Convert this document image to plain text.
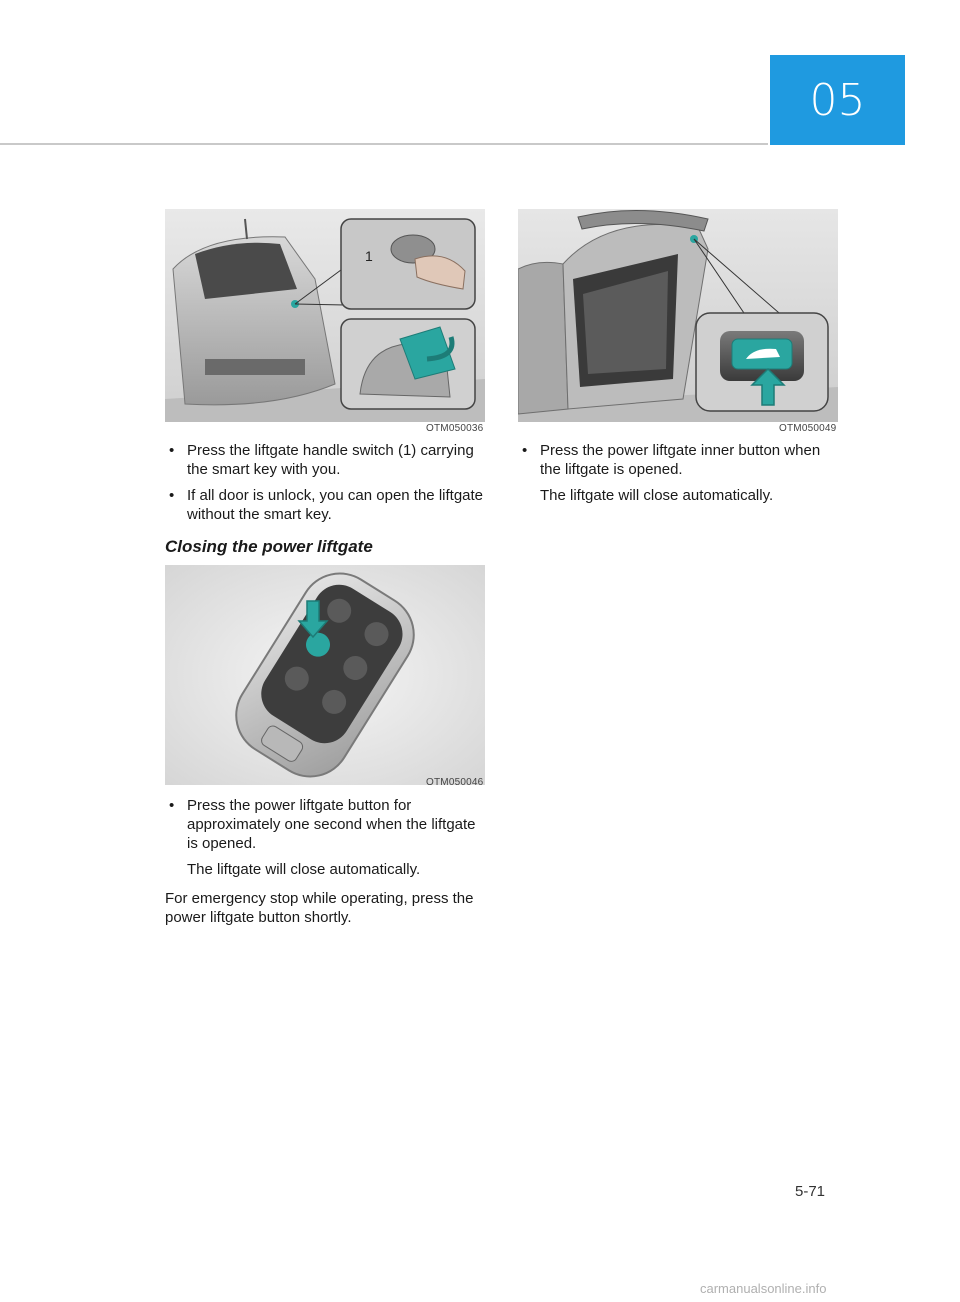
05
1
OTM050036
• Press the liftgate handle switch (1) carrying the smart key with you.
• If all door is unlock, you can open the liftgate without the smart key.
Closing the power liftgate
OTM050046
• Press the power liftgate button for approximately one second when the liftgate is opened.
The liftgate will close automatically.

For emergency stop while operating, press the power liftgate button shortly.

OTM050049
• Press the power liftgate inner button when the liftgate is opened.
The liftgate will close automatically.
5-71
carmanualsonline.info
